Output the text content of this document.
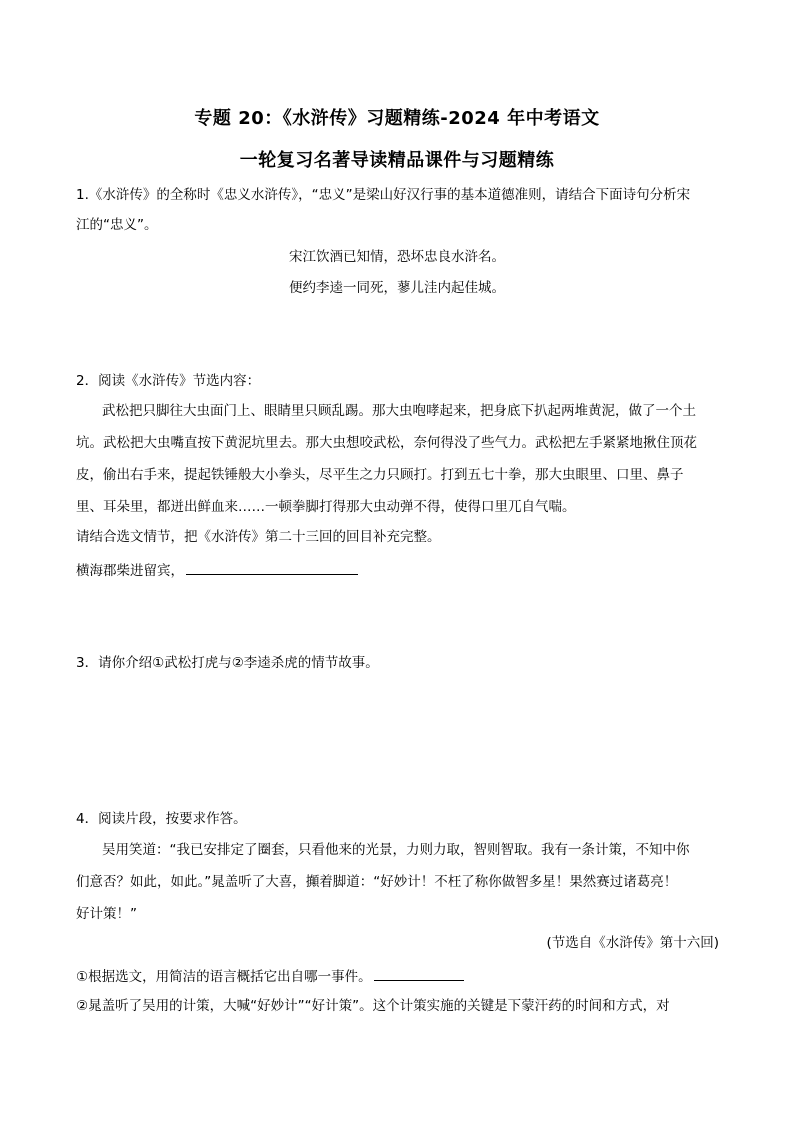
专题 20：《水浒传》习题精练-2024 年中考语文
一轮复习名著导读精品课件与习题精练
1.《水浒传》的全称时《忠义水浒传》，“忠义”是梁山好汉行事的基本道德准则，请结合下面诗句分析宋
江的“忠义”。
宋江饮酒已知情，恐坏忠良水浒名。
便约李逵一同死，蓼儿洼内起佳城。
2．阅读《水浒传》节选内容：
武松把只脚往大虫面门上、眼睛里只顾乱踢。那大虫咆哮起来，把身底下扒起两堆黄泥，做了一个土
坑。武松把大虫嘴直按下黄泥坑里去。那大虫想咬武松，奈何得没了些气力。武松把左手紧紧地揪住顶花
皮，偷出右手来，提起铁锤般大小拳头，尽平生之力只顾打。打到五七十拳，那大虫眼里、口里、鼻子
里、耳朵里，都迸出鲜血来……一顿拳脚打得那大虫动弹不得，使得口里兀自气喘。
请结合选文情节，把《水浒传》第二十三回的回目补充完整。
横海郡柴进留宾，
3．请你介绍①武松打虎与②李逵杀虎的情节故事。
4．阅读片段，按要求作答。
吴用笑道：“我已安排定了圈套，只看他来的光景，力则力取，智则智取。我有一条计策，不知中你
们意否？如此，如此。”晁盖听了大喜，攧着脚道：“好妙计！不枉了称你做智多星！果然赛过诸葛亮！
好计策！”
(节选自《水浒传》第十六回)
①根据选文，用简洁的语言概括它出自哪一事件。
②晁盖听了吴用的计策，大喊“好妙计”“好计策”。这个计策实施的关键是下蒙汗药的时间和方式，对
